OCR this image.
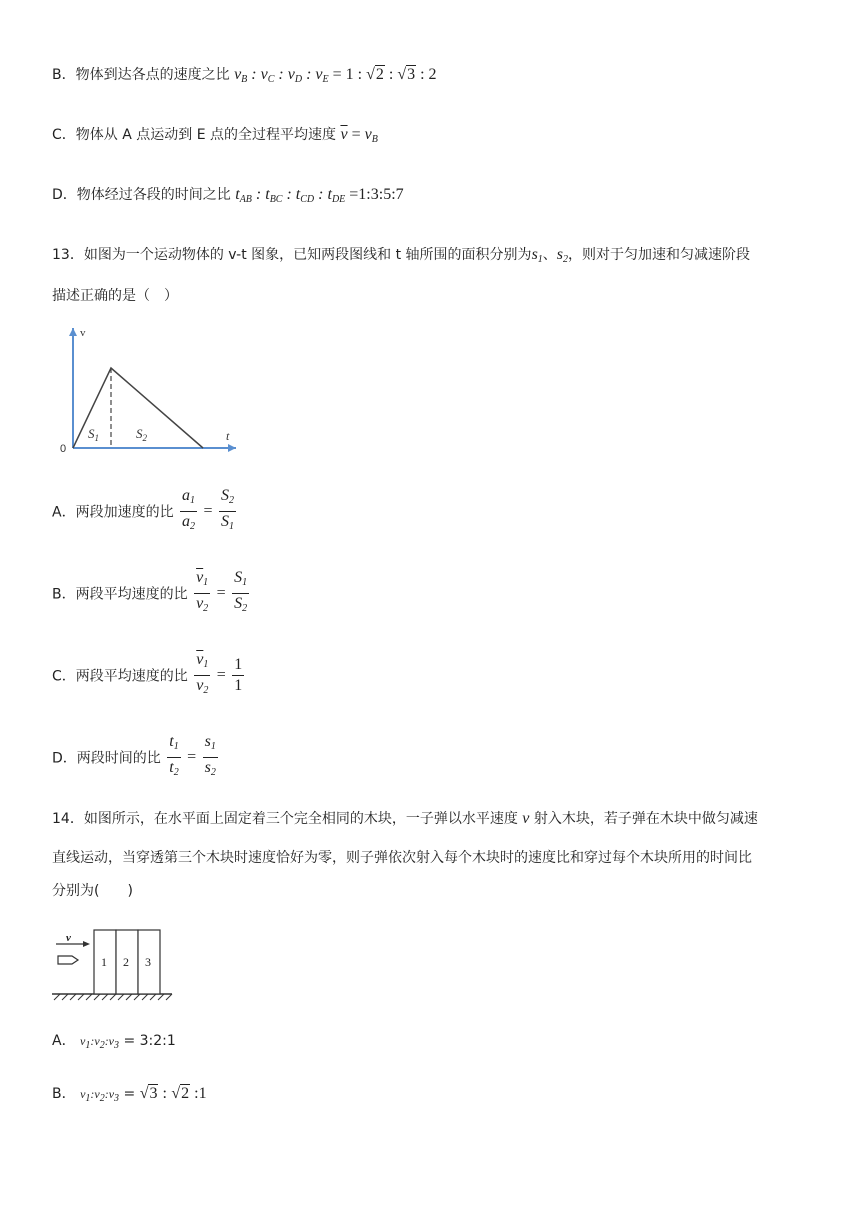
B．物体到达各点的速度之比 $v_B$ : $v_C$ : $v_D$ : $v_E = 1$ : √2 : √3 : 2
C．物体从 A 点运动到 E 点的全过程平均速度 $\overline{v} = v_B$
D．物体经过各段的时间之比 $t_{AB}$ : $t_{BC}$ : $t_{CD}$ : $t_{DE}$ =1:3:5:7
13．如图为一个运动物体的 v-t 图象，已知两段图线和 t 轴所围的面积分别为$s_1$、$s_2$，则对于匀加速和匀减速阶段
描述正确的是（　）
v
t
0
$S_1$	$S_2$
A．两段加速度的比 $\frac{a_1}{a_2} = \frac{S_2}{S_1}$
B．两段平均速度的比 $\frac{\overline{v}_1}{v_2} = \frac{S_1}{S_2}$
C．两段平均速度的比 $\frac{\overline{v}_1}{v_2} = \frac{1}{1}$
D．两段时间的比 $\frac{t_1}{t_2} = \frac{s_1}{s_2}$
14．如图所示，在水平面上固定着三个完全相同的木块，一子弹以水平速度 v 射入木块，若子弹在木块中做匀减速
直线运动，当穿透第三个木块时速度恰好为零，则子弹依次射入每个木块时的速度比和穿过每个木块所用的时间比
分别为(　　)
1 2 3
v
A． $v_1:v_2:v_3$ = 3:2:1
B． $v_1:v_2:v_3 = √3$ : √2 :1
